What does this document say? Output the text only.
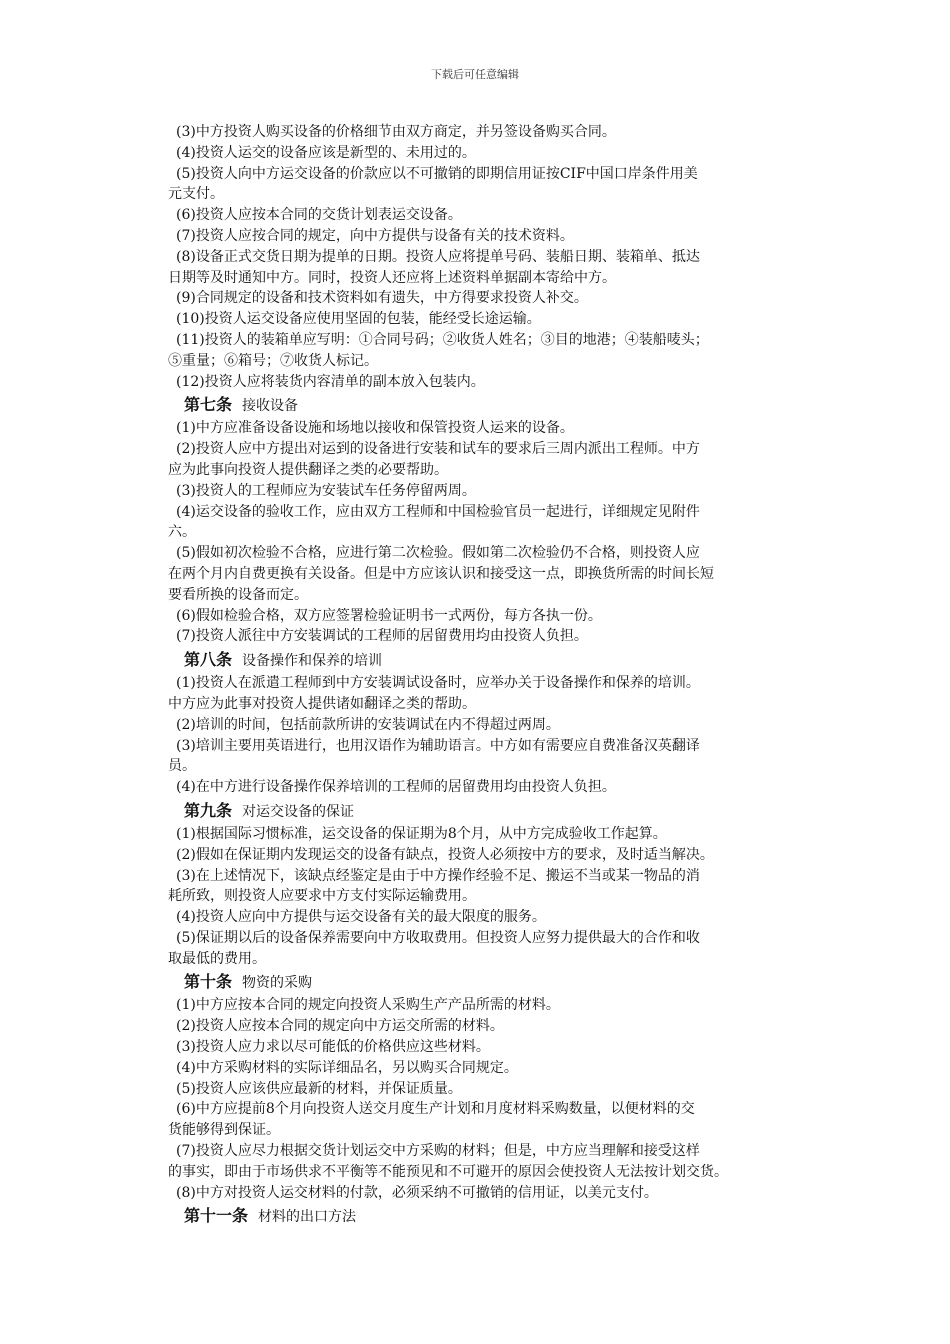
下载后可任意编辑
(3)中方投资人购买设备的价格细节由双方商定，并另签设备购买合同。
(4)投资人运交的设备应该是新型的、未用过的。
(5)投资人向中方运交设备的价款应以不可撤销的即期信用证按CIF中国口岸条件用美
元支付。
(6)投资人应按本合同的交货计划表运交设备。
(7)投资人应按合同的规定，向中方提供与设备有关的技术资料。
(8)设备正式交货日期为提单的日期。投资人应将提单号码、装船日期、装箱单、抵达
日期等及时通知中方。同时，投资人还应将上述资料单据副本寄给中方。
(9)合同规定的设备和技术资料如有遗失，中方得要求投资人补交。
(10)投资人运交设备应使用坚固的包装，能经受长途运输。
(11)投资人的装箱单应写明：①合同号码；②收货人姓名；③目的地港；④装船唛头；
⑤重量；⑥箱号；⑦收货人标记。
(12)投资人应将装货内容清单的副本放入包装内。
第七条 接收设备
(1)中方应准备设备设施和场地以接收和保管投资人运来的设备。
(2)投资人应中方提出对运到的设备进行安装和试车的要求后三周内派出工程师。中方
应为此事向投资人提供翻译之类的必要帮助。
(3)投资人的工程师应为安装试车任务停留两周。
(4)运交设备的验收工作，应由双方工程师和中国检验官员一起进行，详细规定见附件
六。
(5)假如初次检验不合格，应进行第二次检验。假如第二次检验仍不合格，则投资人应
在两个月内自费更换有关设备。但是中方应该认识和接受这一点，即换货所需的时间长短
要看所换的设备而定。
(6)假如检验合格，双方应签署检验证明书一式两份，每方各执一份。
(7)投资人派往中方安装调试的工程师的居留费用均由投资人负担。
第八条 设备操作和保养的培训
(1)投资人在派遣工程师到中方安装调试设备时，应举办关于设备操作和保养的培训。
中方应为此事对投资人提供诸如翻译之类的帮助。
(2)培训的时间，包括前款所讲的安装调试在内不得超过两周。
(3)培训主要用英语进行，也用汉语作为辅助语言。中方如有需要应自费准备汉英翻译
员。
(4)在中方进行设备操作保养培训的工程师的居留费用均由投资人负担。
第九条 对运交设备的保证
(1)根据国际习惯标准，运交设备的保证期为8个月，从中方完成验收工作起算。
(2)假如在保证期内发现运交的设备有缺点，投资人必须按中方的要求，及时适当解决。
(3)在上述情况下，该缺点经鉴定是由于中方操作经验不足、搬运不当或某一物品的消
耗所致，则投资人应要求中方支付实际运输费用。
(4)投资人应向中方提供与运交设备有关的最大限度的服务。
(5)保证期以后的设备保养需要向中方收取费用。但投资人应努力提供最大的合作和收
取最低的费用。
第十条 物资的采购
(1)中方应按本合同的规定向投资人采购生产产品所需的材料。
(2)投资人应按本合同的规定向中方运交所需的材料。
(3)投资人应力求以尽可能低的价格供应这些材料。
(4)中方采购材料的实际详细品名，另以购买合同规定。
(5)投资人应该供应最新的材料，并保证质量。
(6)中方应提前8个月向投资人送交月度生产计划和月度材料采购数量，以便材料的交
货能够得到保证。
(7)投资人应尽力根据交货计划运交中方采购的材料；但是，中方应当理解和接受这样
的事实，即由于市场供求不平衡等不能预见和不可避开的原因会使投资人无法按计划交货。
(8)中方对投资人运交材料的付款，必须采纳不可撤销的信用证，以美元支付。
第十一条 材料的出口方法
